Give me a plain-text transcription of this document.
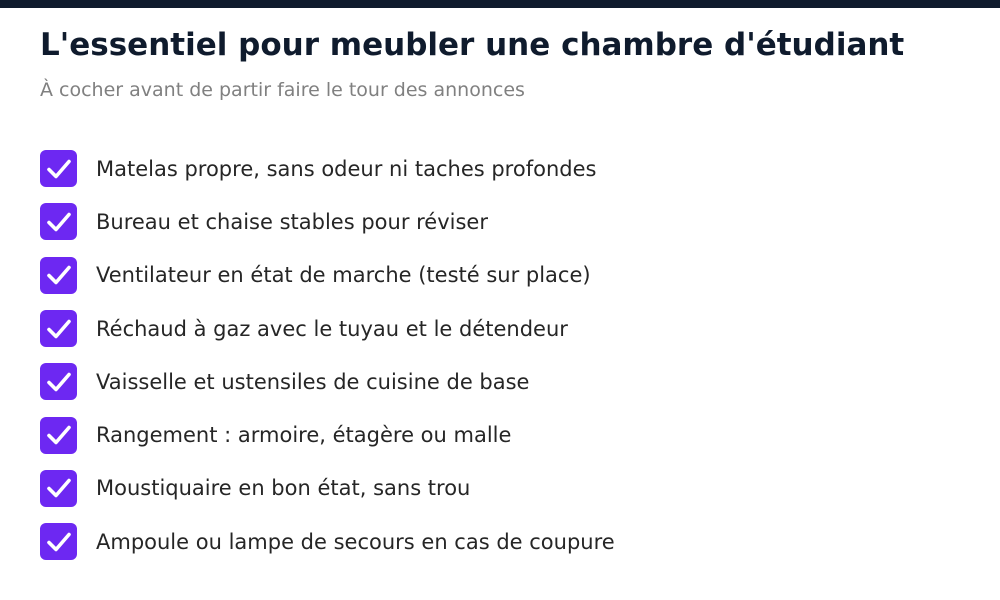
L'essentiel pour meubler une chambre d'étudiant

À cocher avant de partir faire le tour des annonces

Matelas propre, sans odeur ni taches profondes
Bureau et chaise stables pour réviser
Ventilateur en état de marche (testé sur place)
Réchaud à gaz avec le tuyau et le détendeur
Vaisselle et ustensiles de cuisine de base
Rangement : armoire, étagère ou malle
Moustiquaire en bon état, sans trou
Ampoule ou lampe de secours en cas de coupure
